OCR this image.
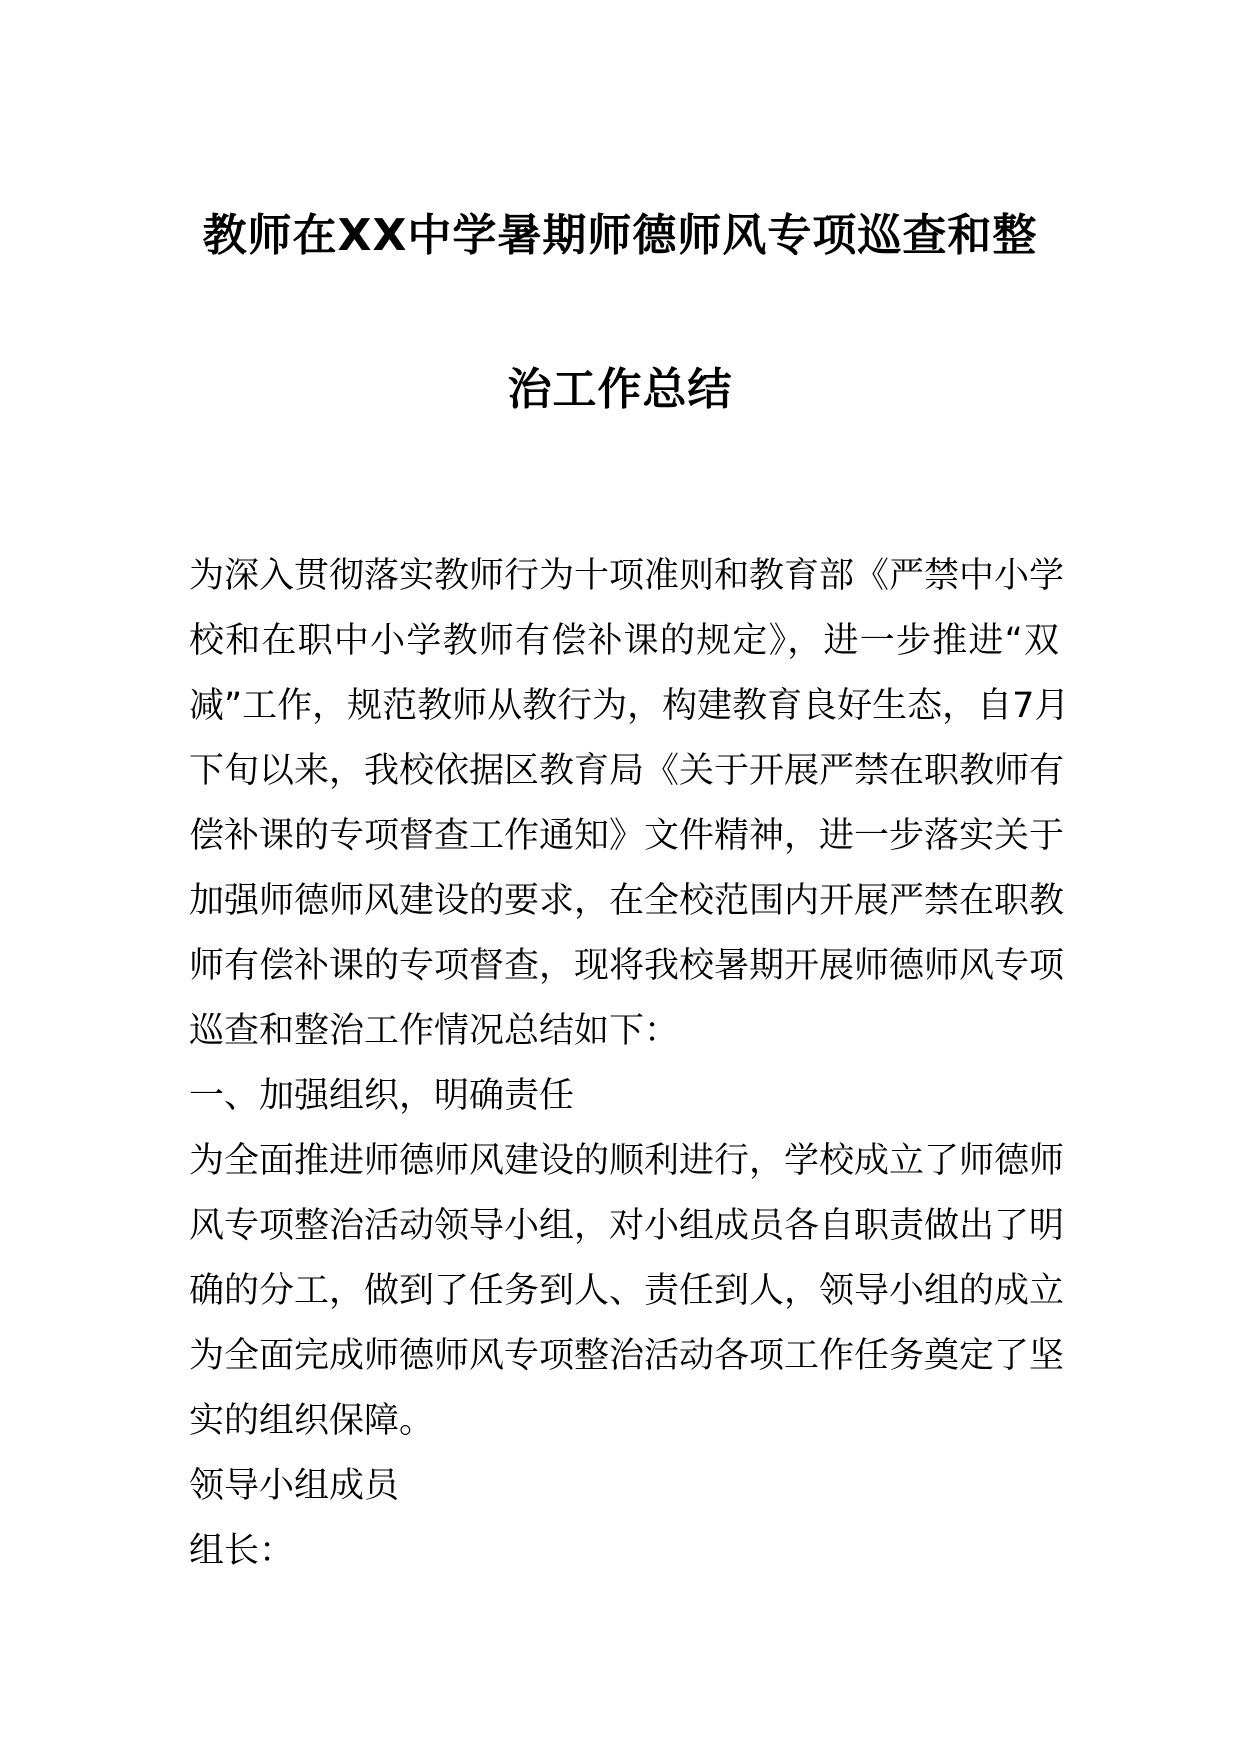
教师在XX中学暑期师德师风专项巡查和整
治工作总结
为深入贯彻落实教师行为十项准则和教育部《严禁中小学
校和在职中小学教师有偿补课的规定》，进一步推进“双
减”工作，规范教师从教行为，构建教育良好生态，自7月
下旬以来，我校依据区教育局《关于开展严禁在职教师有
偿补课的专项督查工作通知》文件精神，进一步落实关于
加强师德师风建设的要求，在全校范围内开展严禁在职教
师有偿补课的专项督查，现将我校暑期开展师德师风专项
巡查和整治工作情况总结如下：
一、加强组织，明确责任
为全面推进师德师风建设的顺利进行，学校成立了师德师
风专项整治活动领导小组，对小组成员各自职责做出了明
确的分工，做到了任务到人、责任到人，领导小组的成立
为全面完成师德师风专项整治活动各项工作任务奠定了坚
实的组织保障。
领导小组成员
组长：
